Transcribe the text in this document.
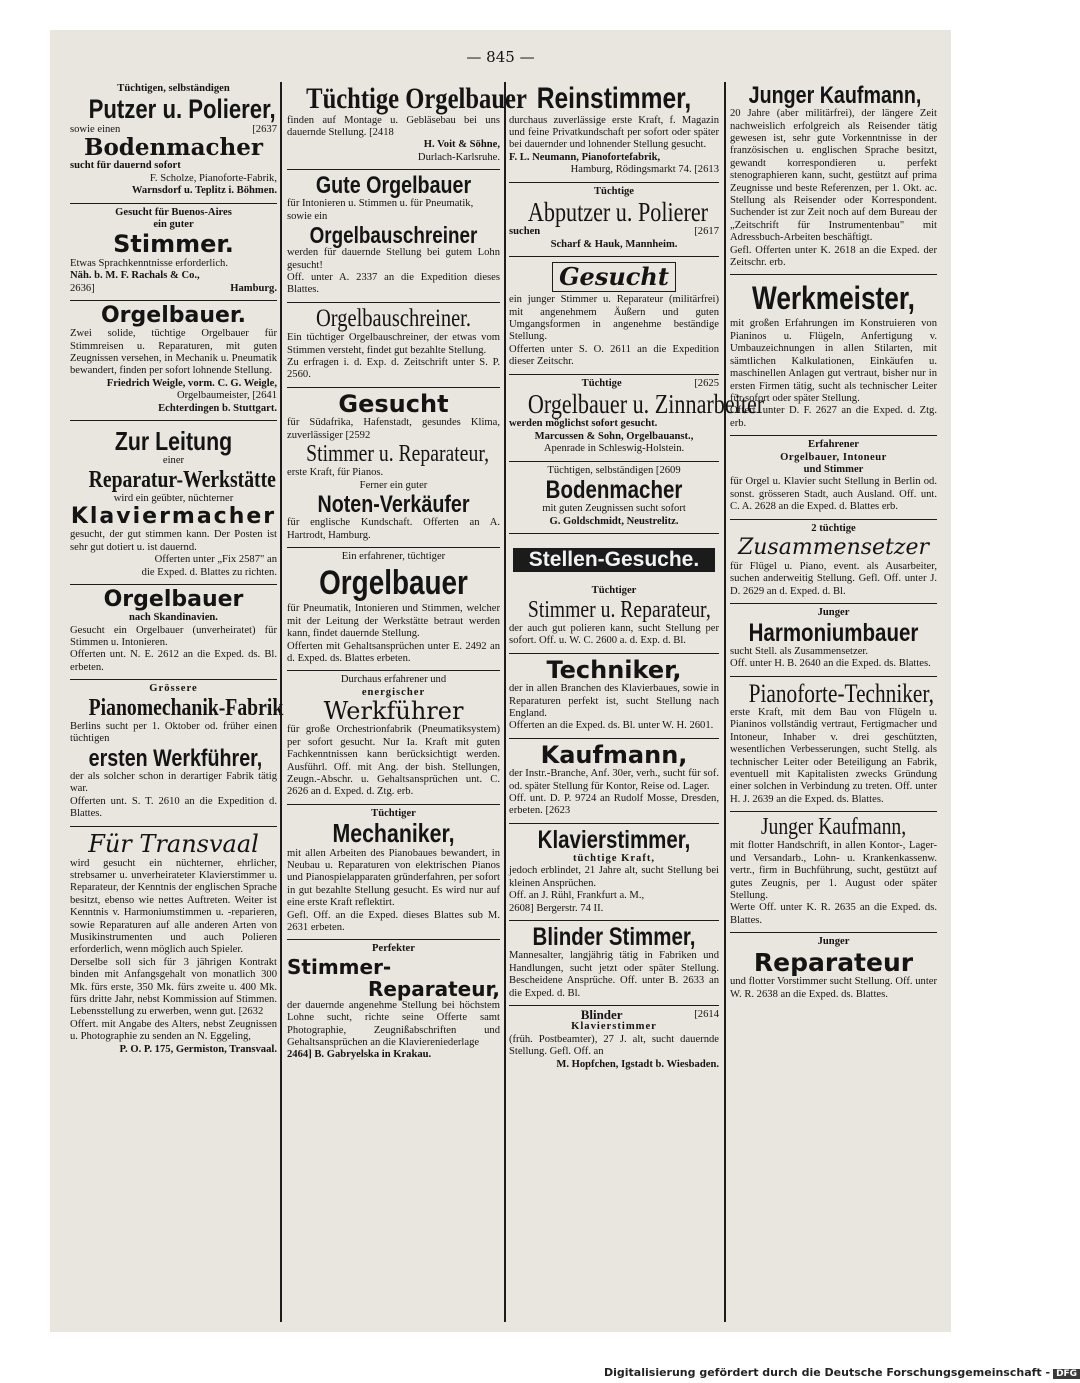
— 845 —
Tüchtigen, selbständigen
Putzer u. Polierer,
sowie einen	[2637
Bodenmacher
sucht für dauernd sofort
F. Scholze, Pianoforte-Fabrik,
Warnsdorf u. Teplitz i. Böhmen.
Gesucht für Buenos-Aires
ein guter
Stimmer.
Etwas Sprachkenntnisse erforderlich.
Näh. b. M. F. Rachals & Co.,
2636]	Hamburg.
Orgelbauer.
Zwei solide, tüchtige Orgelbauer für Stimmreisen u. Reparaturen, mit guten Zeugnissen versehen, in Mechanik u. Pneumatik bewandert, finden per sofort lohnende Stellung.
Friedrich Weigle, vorm. C. G. Weigle,
Orgelbaumeister, [2641
Echterdingen b. Stuttgart.
Zur Leitung
einer
Reparatur-Werkstätte
wird ein geübter, nüchterner
Klaviermacher
gesucht, der gut stimmen kann. Der Posten ist sehr gut dotiert u. ist dauernd.
Offerten unter „Fix 2587" an
die Exped. d. Blattes zu richten.
Orgelbauer
nach Skandinavien.
Gesucht ein Orgelbauer (unverheiratet) für Stimmen u. Intonieren.
Offerten unt. N. E. 2612 an die Exped. ds. Bl. erbeten.
Grössere
Pianomechanik-Fabrik
Berlins sucht per 1. Oktober od. früher einen tüchtigen
ersten Werkführer,
der als solcher schon in derartiger Fabrik tätig war.
Offerten unt. S. T. 2610 an die Expedition d. Blattes.
Für Transvaal
wird gesucht ein nüchterner, ehrlicher, strebsamer u. unverheirateter Klavierstimmer u. Reparateur, der Kenntnis der englischen Sprache besitzt, ebenso wie nettes Auftreten. Weiter ist Kenntnis v. Harmoniumstimmen u. -reparieren, sowie Reparaturen auf alle anderen Arten von Musikinstrumenten und auch Polieren erforderlich, wenn möglich auch Spieler.
Derselbe soll sich für 3 jährigen Kontrakt binden mit Anfangsgehalt von monatlich 300 Mk. fürs erste, 350 Mk. fürs zweite u. 400 Mk. fürs dritte Jahr, nebst Kommission auf Stimmen. Lebensstellung zu erwerben, wenn gut. [2632
Offert. mit Angabe des Alters, nebst Zeugnissen u. Photographie zu senden an N. Eggeling,
P. O. P. 175, Germiston, Transvaal.
Tüchtige Orgelbauer
finden auf Montage u. Gebläsebau bei uns dauernde Stellung. [2418
H. Voit & Söhne,
Durlach-Karlsruhe.
Gute Orgelbauer
für Intonieren u. Stimmen u. für Pneumatik, sowie ein
Orgelbauschreiner
werden für dauernde Stellung bei gutem Lohn gesucht!
Off. unter A. 2337 an die Expedition dieses Blattes.
Orgelbauschreiner.
Ein tüchtiger Orgelbauschreiner, der etwas vom Stimmen versteht, findet gut bezahlte Stellung.
Zu erfragen i. d. Exp. d. Zeitschrift unter S. P. 2560.
Gesucht
für Südafrika, Hafenstadt, gesundes Klima, zuverlässiger [2592
Stimmer u. Reparateur,
erste Kraft, für Pianos.
Ferner ein guter
Noten-Verkäufer
für englische Kundschaft. Offerten an A. Hartrodt, Hamburg.
Ein erfahrener, tüchtiger
Orgelbauer
für Pneumatik, Intonieren und Stimmen, welcher mit der Leitung der Werkstätte betraut werden kann, findet dauernde Stellung.
Offerten mit Gehaltsansprüchen unter E. 2492 an d. Exped. ds. Blattes erbeten.
Durchaus erfahrener und
energischer
Werkführer
für große Orchestrionfabrik (Pneumatiksystem) per sofort gesucht. Nur Ia. Kraft mit guten Fachkenntnissen kann berücksichtigt werden. Ausführl. Off. mit Ang. der bish. Stellungen, Zeugn.-Abschr. u. Gehaltsansprüchen unt. C. 2626 an d. Exped. d. Ztg. erb.
Tüchtiger
Mechaniker,
mit allen Arbeiten des Pianobaues bewandert, in Neubau u. Reparaturen von elektrischen Pianos und Pianospielapparaten gründerfahren, per sofort in gut bezahlte Stellung gesucht. Es wird nur auf eine erste Kraft reflektirt.
Gefl. Off. an die Exped. dieses Blattes sub M. 2631 erbeten.
Perfekter
Stimmer-
Reparateur,
der dauernde angenehme Stellung bei höchstem Lohne sucht, richte seine Offerte samt Photographie, Zeugnißabschriften und Gehaltsansprüchen an die Klaviereniederlage
2464] B. Gabryelska in Krakau.
Reinstimmer,
durchaus zuverlässige erste Kraft, f. Magazin und feine Privatkundschaft per sofort oder später bei dauernder und lohnender Stellung gesucht.
F. L. Neumann, Pianofortefabrik,
Hamburg, Rödingsmarkt 74. [2613
Tüchtige
Abputzer u. Polierer
suchen	[2617
Scharf & Hauk, Mannheim.
Gesucht
ein junger Stimmer u. Reparateur (militärfrei) mit angenehmem Äußern und guten Umgangsformen in angenehme beständige Stellung.
Offerten unter S. O. 2611 an die Expedition dieser Zeitschr.
Tüchtige	[2625
Orgelbauer u. Zinnarbeiter
werden möglichst sofort gesucht.
Marcussen & Sohn, Orgelbauanst.,
Apenrade in Schleswig-Holstein.
Tüchtigen, selbständigen [2609
Bodenmacher
mit guten Zeugnissen sucht sofort
G. Goldschmidt, Neustrelitz.
Stellen-Gesuche.
Tüchtiger
Stimmer u. Reparateur,
der auch gut polieren kann, sucht Stellung per sofort. Off. u. W. C. 2600 a. d. Exp. d. Bl.
Techniker,
der in allen Branchen des Klavierbaues, sowie in Reparaturen perfekt ist, sucht Stellung nach England.
Offerten an die Exped. ds. Bl. unter W. H. 2601.
Kaufmann,
der Instr.-Branche, Anf. 30er, verh., sucht für sof. od. später Stellung für Kontor, Reise od. Lager.
Off. unt. D. P. 9724 an Rudolf Mosse, Dresden, erbeten. [2623
Klavierstimmer,
tüchtige Kraft,
jedoch erblindet, 21 Jahre alt, sucht Stellung bei kleinen Ansprüchen.
Off. an J. Rühl, Frankfurt a. M.,
2608] Bergerstr. 74 II.
Blinder Stimmer,
Mannesalter, langjährig tätig in Fabriken und Handlungen, sucht jetzt oder später Stellung. Bescheidene Ansprüche. Off. unter B. 2633 an die Exped. d. Bl.
Blinder	[2614
Klavierstimmer
(früh. Postbeamter), 27 J. alt, sucht dauernde Stellung. Gefl. Off. an
M. Hopfchen, Igstadt b. Wiesbaden.
Junger Kaufmann,
20 Jahre (aber militärfrei), der längere Zeit nachweislich erfolgreich als Reisender tätig gewesen ist, sehr gute Vorkenntnisse in der französischen u. englischen Sprache besitzt, gewandt korrespondieren u. perfekt stenographieren kann, sucht, gestützt auf prima Zeugnisse und beste Referenzen, per 1. Okt. ac. Stellung als Reisender oder Korrespondent. Suchender ist zur Zeit noch auf dem Bureau der „Zeitschrift für Instrumentenbau" mit Adressbuch-Arbeiten beschäftigt.
Gefl. Offerten unter K. 2618 an die Exped. der Zeitschr. erb.
Werkmeister,
mit großen Erfahrungen im Konstruieren von Pianinos u. Flügeln, Anfertigung v. Umbauzeichnungen in allen Stilarten, mit sämtlichen Kalkulationen, Einkäufen u. maschinellen Anlagen gut vertraut, bisher nur in ersten Firmen tätig, sucht als technischer Leiter für sofort oder später Stellung.
Offert. unter D. F. 2627 an die Exped. d. Ztg. erb.
Erfahrener
Orgelbauer, Intoneur
und Stimmer
für Orgel u. Klavier sucht Stellung in Berlin od. sonst. grösseren Stadt, auch Ausland. Off. unt. C. A. 2628 an die Exped. d. Blattes erb.
2 tüchtige
Zusammensetzer
für Flügel u. Piano, event. als Ausarbeiter, suchen anderweitig Stellung. Gefl. Off. unter J. D. 2629 an d. Exped. d. Bl.
Junger
Harmoniumbauer
sucht Stell. als Zusammensetzer.
Off. unter H. B. 2640 an die Exped. ds. Blattes.
Pianoforte-Techniker,
erste Kraft, mit dem Bau von Flügeln u. Pianinos vollständig vertraut, Fertigmacher und Intoneur, Inhaber v. drei geschützten, wesentlichen Verbesserungen, sucht Stellg. als technischer Leiter oder Beteiligung an Fabrik, eventuell mit Kapitalisten zwecks Gründung einer solchen in Verbindung zu treten. Off. unter H. J. 2639 an die Exped. ds. Blattes.
Junger Kaufmann,
mit flotter Handschrift, in allen Kontor-, Lager- und Versandarb., Lohn- u. Krankenkassenw. vertr., firm in Buchführung, sucht, gestützt auf gutes Zeugnis, per 1. August oder später Stellung.
Werte Off. unter K. R. 2635 an die Exped. ds. Blattes.
Junger
Reparateur
und flotter Vorstimmer sucht Stellung. Off. unter W. R. 2638 an die Exped. ds. Blattes.
Digitalisierung gefördert durch die Deutsche Forschungsgemeinschaft - DFG
